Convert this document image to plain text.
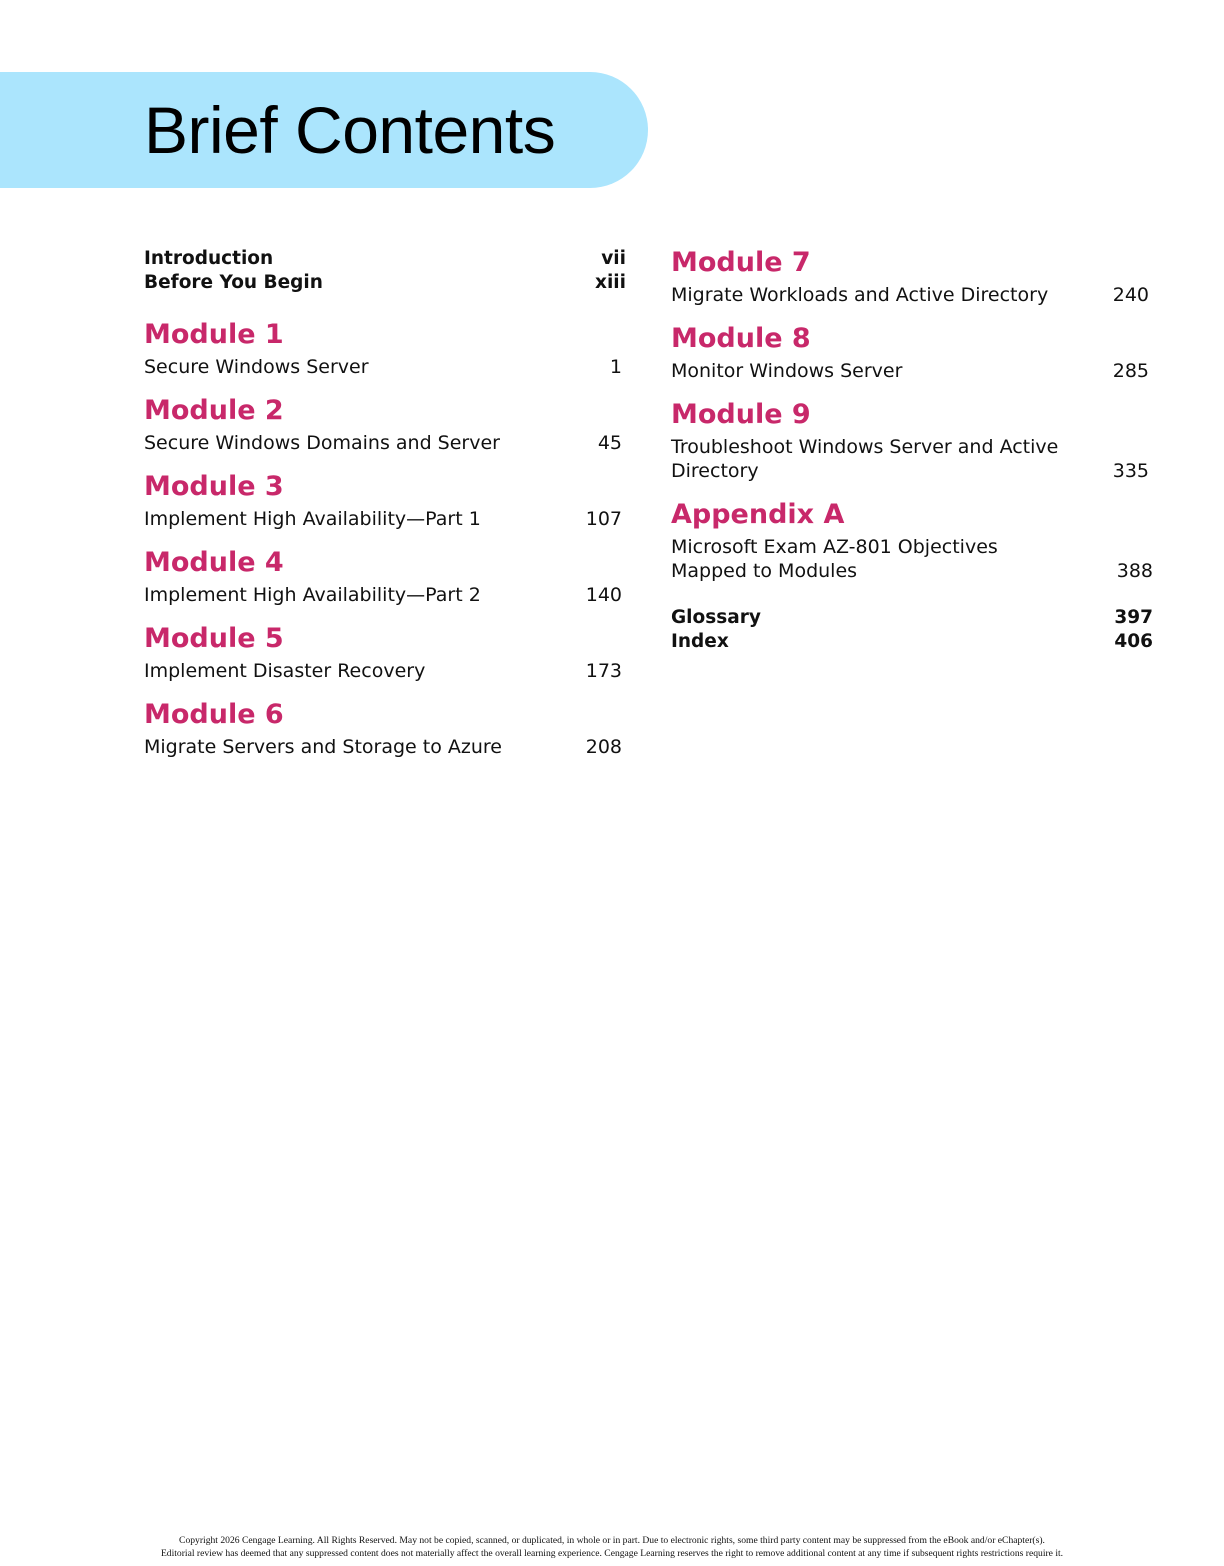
Brief Contents
Introduction	vii
Before You Begin	xiii
Module 1
Secure Windows Server	1
Module 2
Secure Windows Domains and Server	45
Module 3
Implement High Availability—Part 1	107
Module 4
Implement High Availability—Part 2	140
Module 5
Implement Disaster Recovery	173
Module 6
Migrate Servers and Storage to Azure	208
Module 7
Migrate Workloads and Active Directory	240
Module 8
Monitor Windows Server	285
Module 9
Troubleshoot Windows Server and Active Directory	335
Appendix A
Microsoft Exam AZ-801 Objectives Mapped to Modules	388
Glossary	397
Index	406
Copyright 2026 Cengage Learning. All Rights Reserved. May not be copied, scanned, or duplicated, in whole or in part. Due to electronic rights, some third party content may be suppressed from the eBook and/or eChapter(s).
Editorial review has deemed that any suppressed content does not materially affect the overall learning experience. Cengage Learning reserves the right to remove additional content at any time if subsequent rights restrictions require it.
